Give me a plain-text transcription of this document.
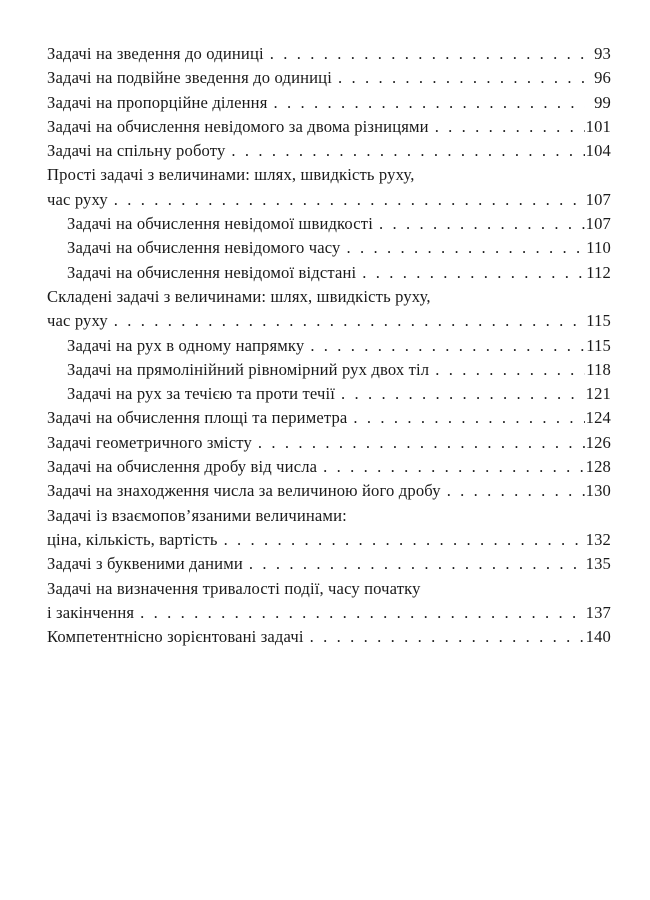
Задачі на зведення до одиниці . . .	93
Задачі на подвійне зведення до одиниці . . .	96
Задачі на пропорційне ділення . . .	99
Задачі на обчислення невідомого за двома різницями . . .	101
Задачі на спільну роботу . . .	104
Прості задачі з величинами: шлях, швидкість руху,
час руху . . .	107
Задачі на обчислення невідомої швидкості . . .	107
Задачі на обчислення невідомого часу . . .	110
Задачі на обчислення невідомої відстані . . .	112
Складені задачі з величинами: шлях, швидкість руху,
час руху . . .	115
Задачі на рух в одному напрямку . . .	115
Задачі на прямолінійний рівномірний рух двох тіл . . .	118
Задачі на рух за течією та проти течії . . .	121
Задачі на обчислення площі та периметра . . .	124
Задачі геометричного змісту . . .	126
Задачі на обчислення дробу від числа . . .	128
Задачі на знаходження числа за величиною його дробу . . .	130
Задачі із взаємопов’язаними величинами:
ціна, кількість, вартість . . .	132
Задачі з буквеними даними . . .	135
Задачі на визначення тривалості події, часу початку
і закінчення . . .	137
Компетентнісно зорієнтовані задачі . . .	140
